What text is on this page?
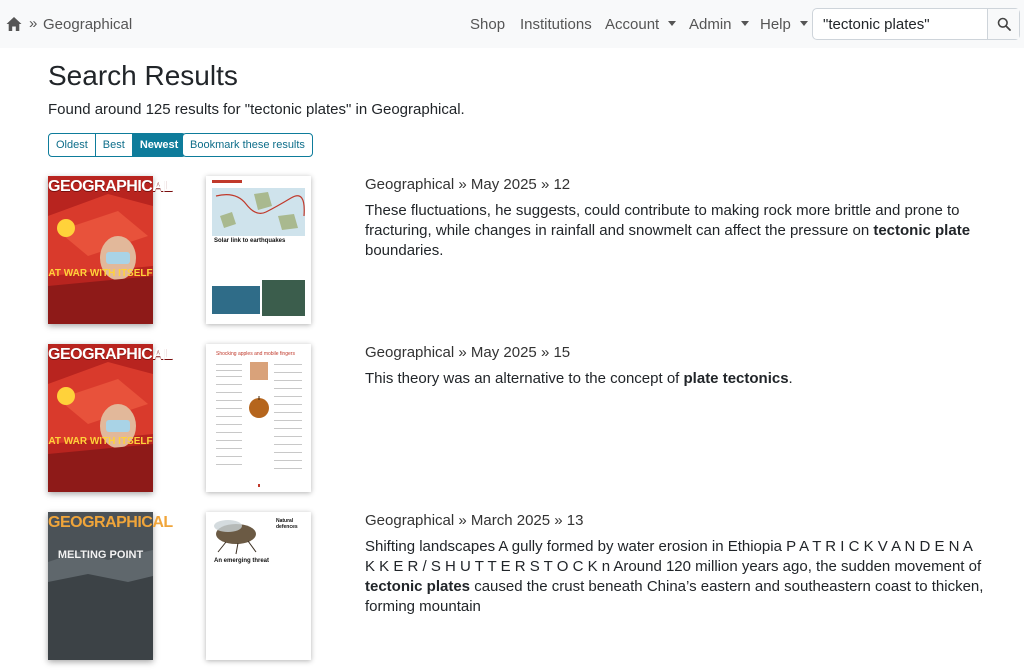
» Geographical	Shop Institutions Account	Admin	Help
"tectonic plates"
Search Results

Found around 125 results for "tectonic plates" in Geographical.

Oldest	Best	Newest	Bookmark these results
GEOGRAPHICAL
AT WAR WITH ITSELF
Solar link to earthquakes
Geographical » May 2025 » 12
These fluctuations, he suggests, could contribute to making rock more brittle and prone to fracturing, while changes in rainfall and snowmelt can affect the pressure on tectonic plate boundaries.
GEOGRAPHICAL
AT WAR WITH ITSELF
Shocking apples and mobile fingers	Geographical » May 2025 » 15
This theory was an alternative to the concept of plate tectonics.
GEOGRAPHICAL
MELTING POINT
Natural defences
An emerging threat
Geographical » March 2025 » 13
Shifting landscapes A gully formed by water erosion in Ethiopia P A T R I C K V A N D E N A K K E R / S H U T T E R S T O C K n Around 120 million years ago, the sudden movement of tectonic plates caused the crust beneath China’s eastern and southeastern coast to thicken, forming mountain
